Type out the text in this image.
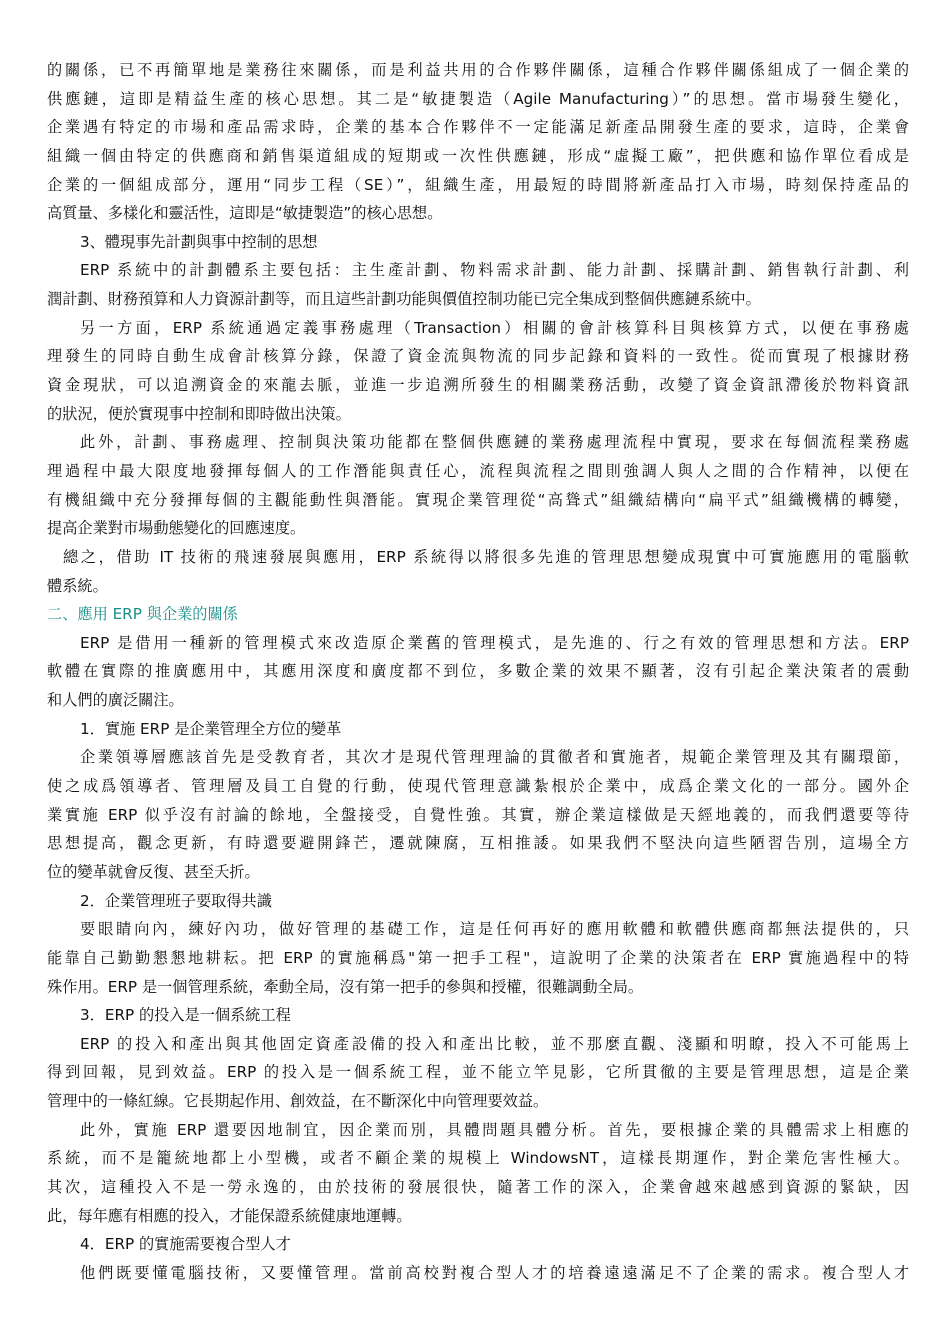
的關係，已不再簡單地是業務往來關係，而是利益共用的合作夥伴關係，這種合作夥伴關係組成了一個企業的
供應鏈，這即是精益生產的核心思想。其二是“敏捷製造（Agile Manufacturing）”的思想。當市場發生變化，
企業遇有特定的市場和產品需求時，企業的基本合作夥伴不一定能滿足新產品開發生產的要求，這時，企業會
組織一個由特定的供應商和銷售渠道組成的短期或一次性供應鏈，形成“虛擬工廠”，把供應和協作單位看成是
企業的一個組成部分，運用“同步工程（SE）”，組織生產，用最短的時間將新產品打入市場，時刻保持產品的
高質量、多樣化和靈活性，這即是“敏捷製造”的核心思想。
3、體現事先計劃與事中控制的思想
ERP 系統中的計劃體系主要包括：主生產計劃、物料需求計劃、能力計劃、採購計劃、銷售執行計劃、利
潤計劃、財務預算和人力資源計劃等，而且這些計劃功能與價值控制功能已完全集成到整個供應鏈系統中。
另一方面，ERP 系統通過定義事務處理（Transaction）相關的會計核算科目與核算方式，以便在事務處
理發生的同時自動生成會計核算分錄，保證了資金流與物流的同步記錄和資料的一致性。從而實現了根據財務
資金現狀，可以追溯資金的來龍去脈，並進一步追溯所發生的相關業務活動，改變了資金資訊滯後於物料資訊
的狀況，便於實現事中控制和即時做出決策。
此外，計劃、事務處理、控制與決策功能都在整個供應鏈的業務處理流程中實現，要求在每個流程業務處
理過程中最大限度地發揮每個人的工作潛能與責任心，流程與流程之間則強調人與人之間的合作精神，以便在
有機組織中充分發揮每個的主觀能動性與潛能。實現企業管理從“高聳式”組織結構向“扁平式”組織機構的轉變，
提高企業對市場動態變化的回應速度。
總之，借助 IT 技術的飛速發展與應用，ERP 系統得以將很多先進的管理思想變成現實中可實施應用的電腦軟
體系統。
二、應用 ERP 與企業的關係
ERP 是借用一種新的管理模式來改造原企業舊的管理模式，是先進的、行之有效的管理思想和方法。ERP
軟體在實際的推廣應用中，其應用深度和廣度都不到位，多數企業的效果不顯著，沒有引起企業決策者的震動
和人們的廣泛關注。
1．實施 ERP 是企業管理全方位的變革
企業領導層應該首先是受教育者，其次才是現代管理理論的貫徹者和實施者，規範企業管理及其有關環節，
使之成爲領導者、管理層及員工自覺的行動，使現代管理意識紮根於企業中，成爲企業文化的一部分。國外企
業實施 ERP 似乎沒有討論的餘地，全盤接受，自覺性強。其實，辦企業這樣做是天經地義的，而我們還要等待
思想提高，觀念更新，有時還要避開鋒芒，遷就陳腐，互相推諉。如果我們不堅決向這些陋習告別，這場全方
位的變革就會反復、甚至夭折。
2．企業管理班子要取得共識
要眼睛向內，練好內功，做好管理的基礎工作，這是任何再好的應用軟體和軟體供應商都無法提供的，只
能靠自己勤勤懇懇地耕耘。把 ERP 的實施稱爲"第一把手工程"，這說明了企業的決策者在 ERP 實施過程中的特
殊作用。ERP 是一個管理系統，牽動全局，沒有第一把手的參與和授權，很難調動全局。
3．ERP 的投入是一個系統工程
ERP 的投入和產出與其他固定資產設備的投入和產出比較，並不那麼直觀、淺顯和明瞭，投入不可能馬上
得到回報，見到效益。ERP 的投入是一個系統工程，並不能立竿見影，它所貫徹的主要是管理思想，這是企業
管理中的一條紅線。它長期起作用、創效益，在不斷深化中向管理要效益。
此外，實施 ERP 還要因地制宜，因企業而別，具體問題具體分析。首先，要根據企業的具體需求上相應的
系統，而不是籠統地都上小型機，或者不顧企業的規模上 WindowsNT，這樣長期運作，對企業危害性極大。
其次，這種投入不是一勞永逸的，由於技術的發展很快，隨著工作的深入，企業會越來越感到資源的緊缺，因
此，每年應有相應的投入，才能保證系統健康地運轉。
4．ERP 的實施需要複合型人才
他們既要懂電腦技術，又要懂管理。當前高校對複合型人才的培養遠遠滿足不了企業的需求。複合型人才
